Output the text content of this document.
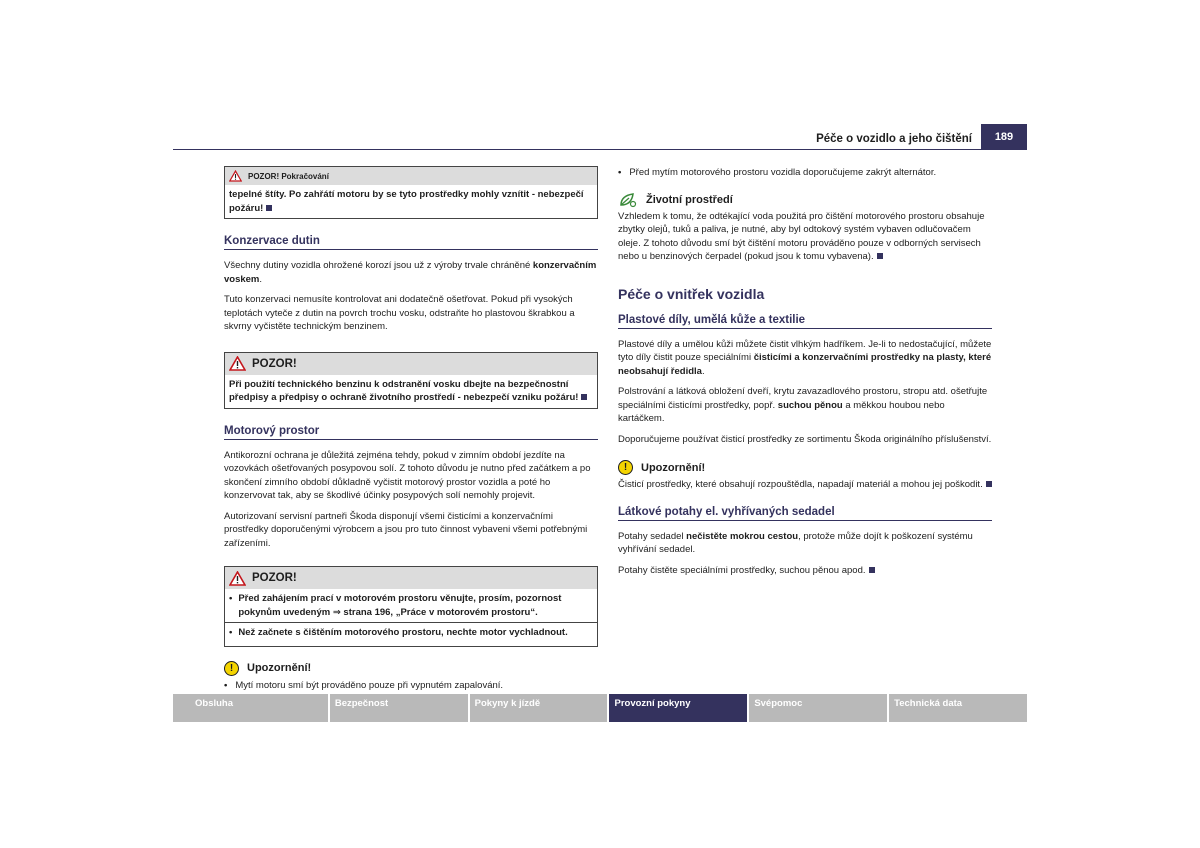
Péče o vozidlo a jeho čištění	189
POZOR! Pokračování
tepelné štíty. Po zahřátí motoru by se tyto prostředky mohly vznítit - nebezpečí požáru!
Konzervace dutin

Všechny dutiny vozidla ohrožené korozí jsou už z výroby trvale chráněné konzervačním voskem.

Tuto konzervaci nemusíte kontrolovat ani dodatečně ošetřovat. Pokud při vysokých teplotách vyteče z dutin na povrch trochu vosku, odstraňte ho plastovou škrabkou a skvrny vyčistěte technickým benzinem.

POZOR!
Při použití technického benzinu k odstranění vosku dbejte na bezpečnostní předpisy a předpisy o ochraně životního prostředí - nebezpečí vzniku požáru!
Motorový prostor

Antikorozní ochrana je důležitá zejména tehdy, pokud v zimním období jezdíte na vozovkách ošetřovaných posypovou solí. Z tohoto důvodu je nutno před začátkem a po skončení zimního období důkladně vyčistit motorový prostor vozidla a poté ho konzervovat tak, aby se škodlivé účinky posypových solí nemohly projevit.

Autorizovaní servisní partneři Škoda disponují všemi čisticími a konzervačními prostředky doporučenými výrobcem a jsou pro tuto činnost vybaveni všemi potřebnými zařízeními.

POZOR!
• Před zahájením prací v motorovém prostoru věnujte, prosím, pozornost pokynům uvedeným ⇒ strana 196, „Práce v motorovém prostoru“.
• Než začnete s čištěním motorového prostoru, nechte motor vychladnout.
!	Upozornění!
• Mytí motoru smí být prováděno pouze při vypnutém zapalování.
• Před mytím motorového prostoru vozidla doporučujeme zakrýt alternátor.
Životní prostředí

Vzhledem k tomu, že odtékající voda použitá pro čištění motorového prostoru obsahuje zbytky olejů, tuků a paliva, je nutné, aby byl odtokový systém vybaven odlučovačem oleje. Z tohoto důvodu smí být čištění motoru prováděno pouze v odborných servisech nebo u benzinových čerpadel (pokud jsou k tomu vybavena).

Péče o vnitřek vozidla
Plastové díly, umělá kůže a textilie

Plastové díly a umělou kůži můžete čistit vlhkým hadříkem. Je-li to nedostačující, můžete tyto díly čistit pouze speciálními čisticími a konzervačními prostředky na plasty, které neobsahují ředidla.

Polstrování a látková obložení dveří, krytu zavazadlového prostoru, stropu atd. ošetřujte speciálními čisticími prostředky, popř. suchou pěnou a měkkou houbou nebo kartáčkem.

Doporučujeme používat čisticí prostředky ze sortimentu Škoda originálního příslušenství.

!	Upozornění!

Čisticí prostředky, které obsahují rozpouštědla, napadají materiál a mohou jej poškodit.

Látkové potahy el. vyhřívaných sedadel

Potahy sedadel nečistěte mokrou cestou, protože může dojít k poškození systému vyhřívání sedadel.

Potahy čistěte speciálními prostředky, suchou pěnou apod.

Obsluha	Bezpečnost	Pokyny k jízdě	Provozní pokyny	Svépomoc	Technická data
